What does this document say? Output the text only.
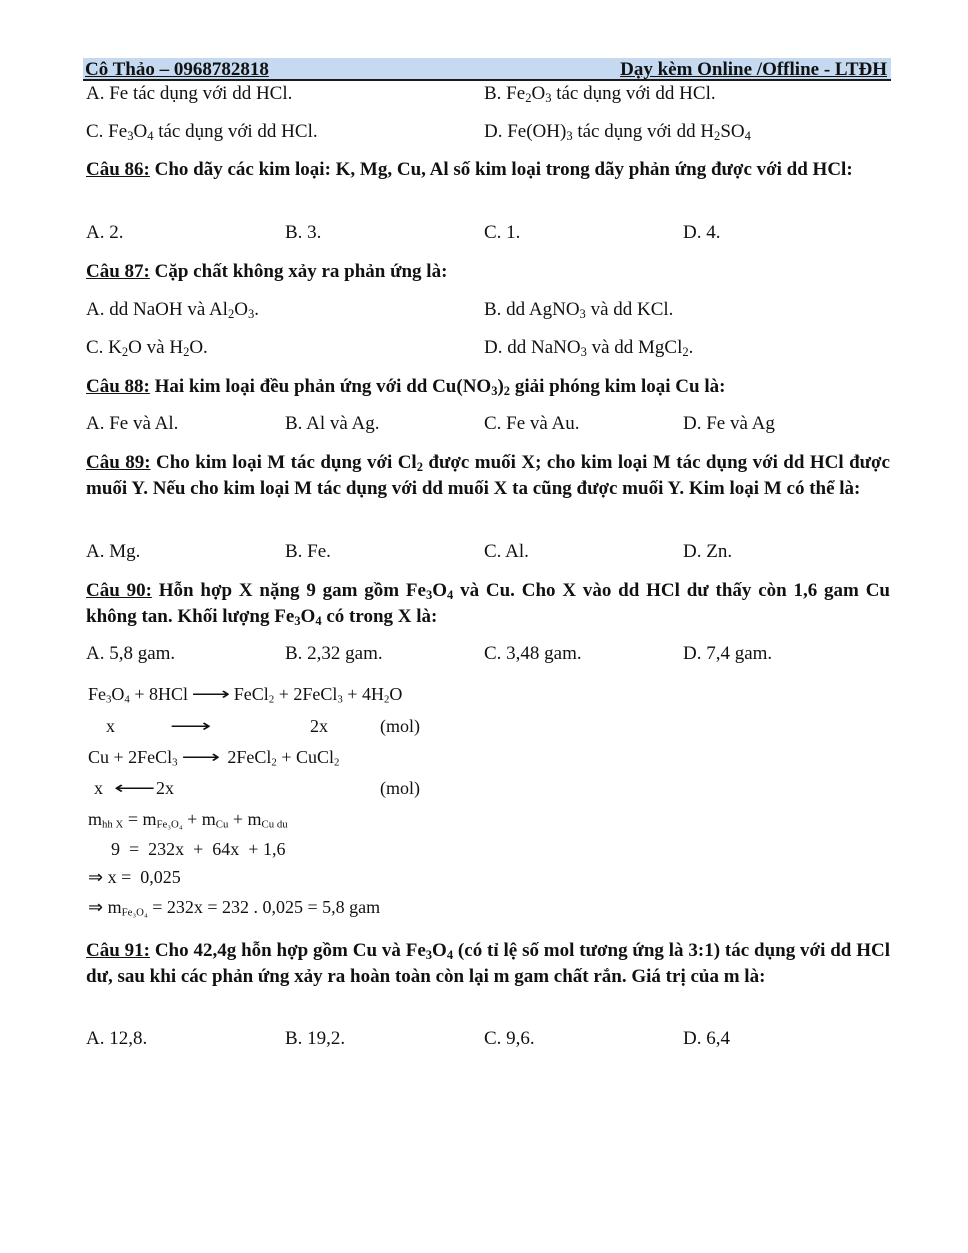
Cô Thảo – 0968782818	Dạy kèm Online /Offline - LTĐH
A. Fe tác dụng với dd HCl.	B. $Fe_2O_3$ tác dụng với dd HCl.
C. $Fe_3O_4$ tác dụng với dd HCl.	D. $Fe(OH)_3$ tác dụng với dd $H_2SO_4$
Câu 86: Cho dãy các kim loại: K, Mg, Cu, Al số kim loại trong dãy phản ứng được với dd HCl:
A. 2.	B. 3.	C. 1.	D. 4.
Câu 87: Cặp chất không xảy ra phản ứng là:
A. dd NaOH và $Al_2O_3$.	B. dd AgNO$_3$ và dd KCl.
C. $K_2O$ và $H_2O$.	D. dd NaNO$_3$ và dd MgCl$_2$.
Câu 88: Hai kim loại đều phản ứng với dd $Cu(NO_3)_2$ giải phóng kim loại Cu là:
A. Fe và Al.	B. Al và Ag.	C. Fe và Au.	D. Fe và Ag
Câu 89: Cho kim loại M tác dụng với $Cl_2$ được muối X; cho kim loại M tác dụng với dd HCl được muối Y. Nếu cho kim loại M tác dụng với dd muối X ta cũng được muối Y. Kim loại M có thể là:
A. Mg.	B. Fe.	C. Al.	D. Zn.
Câu 90: Hỗn hợp X nặng 9 gam gồm $Fe_3O_4$ và Cu. Cho X vào dd HCl dư thấy còn 1,6 gam Cu không tan. Khối lượng $Fe_3O_4$ có trong X là:
A. 5,8 gam.	B. 2,32 gam.	C. 3,48 gam.	D. 7,4 gam.
$Fe_3O_4 + 8HCl$ ⟶ FeCl$_2$ + 2FeCl$_3$ + $4H_2O$
x	⟶	2x	(mol)
Cu + 2FeCl$_3$ ⟶ 2FeCl$_2$ + CuCl$_2$
x ⟵ 2x	(mol)
$m_{hh X} = m_{Fe_3O_4} + m_{Cu} + m_{Cu du}$
9  =  232x  +  64x  + 1,6
⇒ x =  0,025
⇒ $m_{Fe_3O_4} = 232x = 232$ . 0,025 = 5,8 gam
Câu 91: Cho 42,4g hỗn hợp gồm Cu và $Fe_3O_4$ (có tỉ lệ số mol tương ứng là 3:1) tác dụng với dd HCl dư, sau khi các phản ứng xảy ra hoàn toàn còn lại m gam chất rắn. Giá trị của m là:
A. 12,8.	B. 19,2.	C. 9,6.	D. 6,4
